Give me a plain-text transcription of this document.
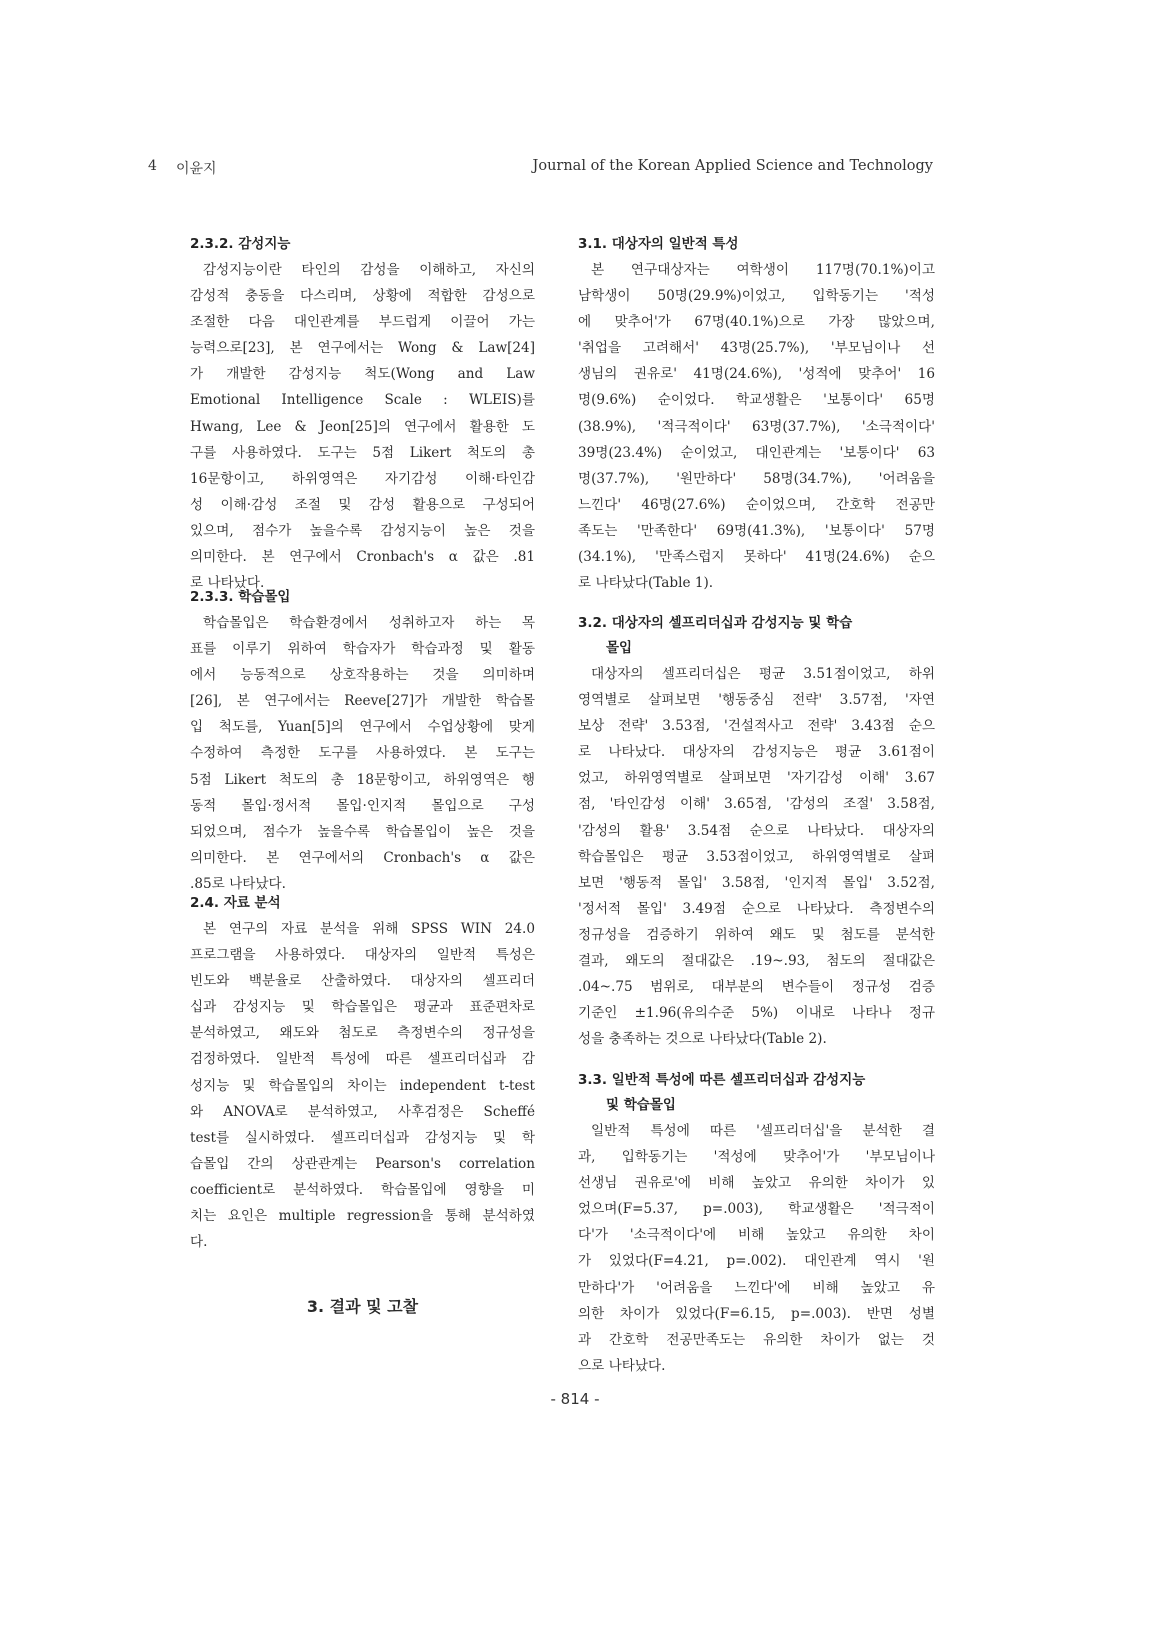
4 이윤지	Journal of the Korean Applied Science and Technology
2.3.2. 감성지능
감성지능이란 타인의 감성을 이해하고, 자신의
감성적 충동을 다스리며, 상황에 적합한 감성으로
조절한 다음 대인관계를 부드럽게 이끌어 가는
능력으로[23], 본 연구에서는 Wong & Law[24]
가 개발한 감성지능 척도(Wong and Law
Emotional Intelligence Scale : WLEIS)를
Hwang, Lee & Jeon[25]의 연구에서 활용한 도
구를 사용하였다. 도구는 5점 Likert 척도의 총
16문항이고, 하위영역은 자기감성 이해·타인감
성 이해·감성 조절 및 감성 활용으로 구성되어
있으며, 점수가 높을수록 감성지능이 높은 것을
의미한다. 본 연구에서 Cronbach's α 값은 .81
로 나타났다.
2.3.3. 학습몰입
학습몰입은 학습환경에서 성취하고자 하는 목
표를 이루기 위하여 학습자가 학습과정 및 활동
에서 능동적으로 상호작용하는 것을 의미하며
[26], 본 연구에서는 Reeve[27]가 개발한 학습몰
입 척도를, Yuan[5]의 연구에서 수업상황에 맞게
수정하여 측정한 도구를 사용하였다. 본 도구는
5점 Likert 척도의 총 18문항이고, 하위영역은 행
동적 몰입·정서적 몰입·인지적 몰입으로 구성
되었으며, 점수가 높을수록 학습몰입이 높은 것을
의미한다. 본 연구에서의 Cronbach's α 값은
.85로 나타났다.
2.4. 자료 분석
본 연구의 자료 분석을 위해 SPSS WIN 24.0
프로그램을 사용하였다. 대상자의 일반적 특성은
빈도와 백분율로 산출하였다. 대상자의 셀프리더
십과 감성지능 및 학습몰입은 평균과 표준편차로
분석하였고, 왜도와 첨도로 측정변수의 정규성을
검정하였다. 일반적 특성에 따른 셀프리더십과 감
성지능 및 학습몰입의 차이는 independent t-test
와 ANOVA로 분석하였고, 사후검정은 Scheffé
test를 실시하였다. 셀프리더십과 감성지능 및 학
습몰입 간의 상관관계는 Pearson's correlation
coefficient로 분석하였다. 학습몰입에 영향을 미
치는 요인은 multiple regression을 통해 분석하였
다.
3.1. 대상자의 일반적 특성
본 연구대상자는 여학생이 117명(70.1%)이고
남학생이 50명(29.9%)이었고, 입학동기는 '적성
에 맞추어'가 67명(40.1%)으로 가장 많았으며,
'취업을 고려해서' 43명(25.7%), '부모님이나 선
생님의 권유로' 41명(24.6%), '성적에 맞추어' 16
명(9.6%) 순이었다. 학교생활은 '보통이다' 65명
(38.9%), '적극적이다' 63명(37.7%), '소극적이다'
39명(23.4%) 순이었고, 대인관계는 '보통이다' 63
명(37.7%), '원만하다' 58명(34.7%), '어려움을
느낀다' 46명(27.6%) 순이었으며, 간호학 전공만
족도는 '만족한다' 69명(41.3%), '보통이다' 57명
(34.1%), '만족스럽지 못하다' 41명(24.6%) 순으
로 나타났다(Table 1).
3.2. 대상자의 셀프리더십과 감성지능 및 학습
몰입
대상자의 셀프리더십은 평균 3.51점이었고, 하위
영역별로 살펴보면 '행동중심 전략' 3.57점, '자연
보상 전략' 3.53점, '건설적사고 전략' 3.43점 순으
로 나타났다. 대상자의 감성지능은 평균 3.61점이
었고, 하위영역별로 살펴보면 '자기감성 이해' 3.67
점, '타인감성 이해' 3.65점, '감성의 조절' 3.58점,
'감성의 활용' 3.54점 순으로 나타났다. 대상자의
학습몰입은 평균 3.53점이었고, 하위영역별로 살펴
보면 '행동적 몰입' 3.58점, '인지적 몰입' 3.52점,
'정서적 몰입' 3.49점 순으로 나타났다. 측정변수의
정규성을 검증하기 위하여 왜도 및 첨도를 분석한
결과, 왜도의 절대값은 .19~.93, 첨도의 절대값은
.04~.75 범위로, 대부분의 변수들이 정규성 검증
기준인 ±1.96(유의수준 5%) 이내로 나타나 정규
성을 충족하는 것으로 나타났다(Table 2).
3.3. 일반적 특성에 따른 셀프리더십과 감성지능
및 학습몰입
일반적 특성에 따른 '셀프리더십'을 분석한 결
과, 입학동기는 '적성에 맞추어'가 '부모님이나
선생님 권유로'에 비해 높았고 유의한 차이가 있
었으며(F=5.37, p=.003), 학교생활은 '적극적이
다'가 '소극적이다'에 비해 높았고 유의한 차이
가 있었다(F=4.21, p=.002). 대인관계 역시 '원
만하다'가 '어려움을 느낀다'에 비해 높았고 유
의한 차이가 있었다(F=6.15, p=.003). 반면 성별
과 간호학 전공만족도는 유의한 차이가 없는 것
으로 나타났다.
3. 결과 및 고찰
- 814 -
